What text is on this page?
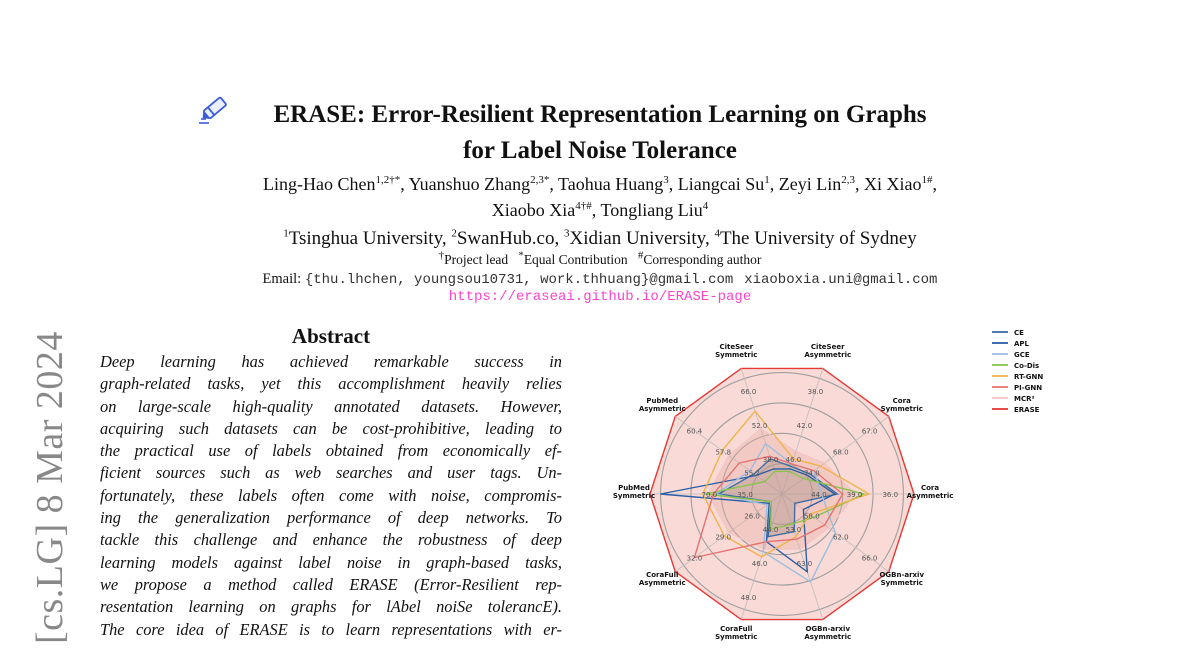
[cs.LG] 8 Mar 2024
ERASE: Error-Resilient Representation Learning on Graphs
for Label Noise Tolerance
Ling-Hao Chen$^{1,2\dagger*}$, Yuanshuo Zhang$^{2,3*}$, Taohua Huang$^3$, Liangcai Su$^1$, Zeyi Lin$^{2,3}$, Xi Xiao$^{1\#}$,
Xiaobo Xia$^{4\dagger\#}$, Tongliang Liu$^4$
$^1$Tsinghua University, $^2$SwanHub.co, $^3$Xidian University, $^4$The University of Sydney
†Project lead *Equal Contribution #Corresponding author
Email: {thu.lhchen, youngsou10731, work.thhuang}@gmail.com xiaoboxia.uni@gmail.com
https://eraseai.github.io/ERASE-page
Abstract
Deep learning has achieved remarkable success in
graph-related tasks, yet this accomplishment heavily relies
on large-scale high-quality annotated datasets. However,
acquiring such datasets can be cost-prohibitive, leading to
the practical use of labels obtained from economically ef-
ficient sources such as web searches and user tags. Un-
fortunately, these labels often come with noise, compromis-
ing the generalization performance of deep networks. To
tackle this challenge and enhance the robustness of deep
learning models against label noise in graph-based tasks,
we propose a method called ERASE (Error-Resilient rep-
resentation learning on graphs for lAbel noiSe tolerancE).
The core idea of ERASE is to learn representations with er-
38.0
52.0
66.0
CiteSeer
Symmetric
46.0
42.0
38.0
CiteSeer
Asymmetric
74.0
68.0
67.0
Cora
Symmetric
44.0	39.0	36.0
Cora
Asymmetric
58.0
62.0
66.0
OGBn-arxiv
Symmetric
53.0
63.0
OGBn-arxiv
Asymmetric
44.0
46.0
48.0
CoraFull
Symmetric
26.0
29.0
32.0
CoraFull
Asymmetric
35.0
70.0
PubMed
Symmetric
55.2
57.8
60.4
PubMed
Asymmetric
CE
APL
GCE
Co-Dis
RT-GNN
PI-GNN
MCR²
ERASE
